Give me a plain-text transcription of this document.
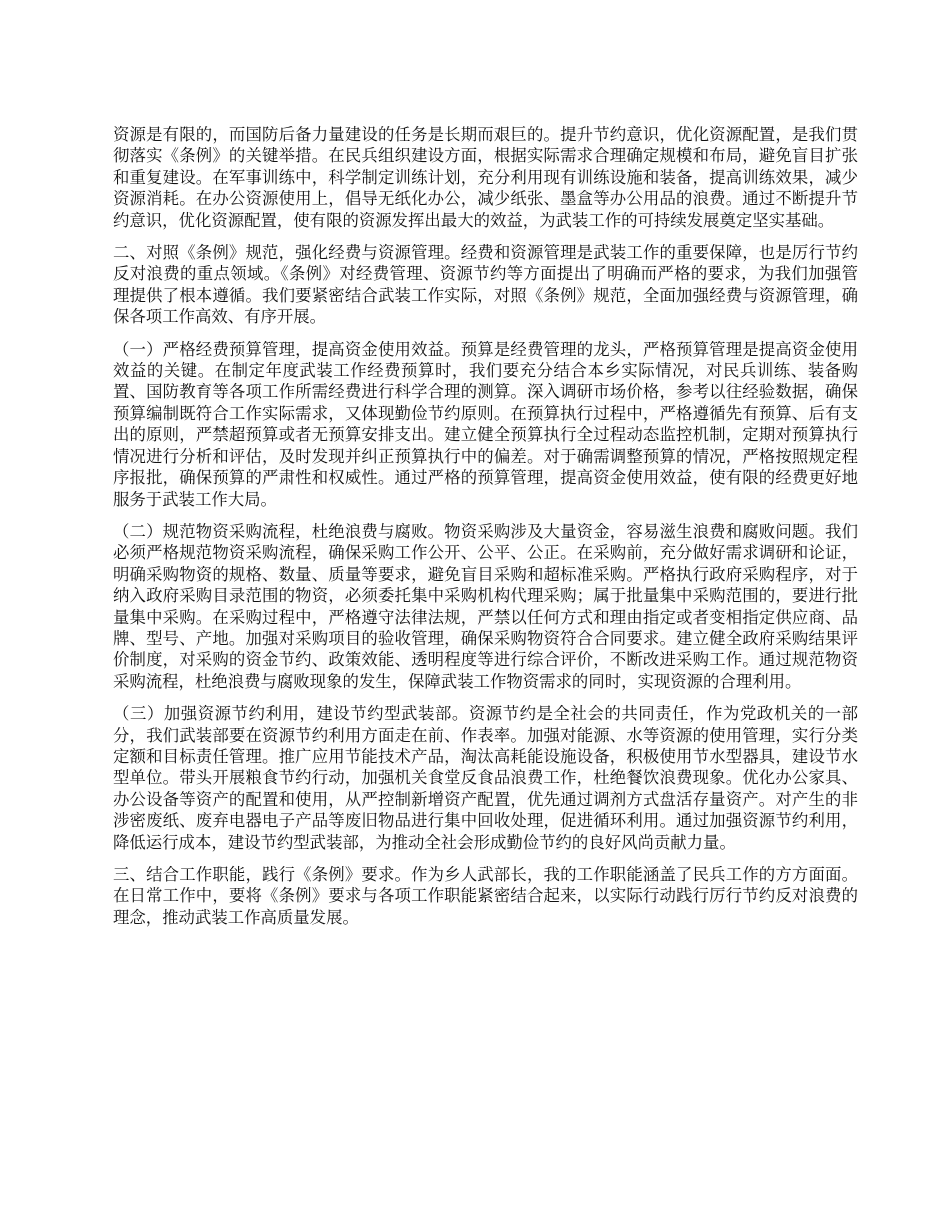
资源是有限的，而国防后备力量建设的任务是长期而艰巨的。提升节约意识，优化资源配置，是我们贯彻落实《条例》的关键举措。在民兵组织建设方面，根据实际需求合理确定规模和布局，避免盲目扩张和重复建设。在军事训练中，科学制定训练计划，充分利用现有训练设施和装备，提高训练效果，减少资源消耗。在办公资源使用上，倡导无纸化办公，减少纸张、墨盒等办公用品的浪费。通过不断提升节约意识，优化资源配置，使有限的资源发挥出最大的效益，为武装工作的可持续发展奠定坚实基础。

二、对照《条例》规范，强化经费与资源管理。经费和资源管理是武装工作的重要保障，也是厉行节约反对浪费的重点领域。《条例》对经费管理、资源节约等方面提出了明确而严格的要求，为我们加强管理提供了根本遵循。我们要紧密结合武装工作实际，对照《条例》规范，全面加强经费与资源管理，确保各项工作高效、有序开展。

（一）严格经费预算管理，提高资金使用效益。预算是经费管理的龙头，严格预算管理是提高资金使用效益的关键。在制定年度武装工作经费预算时，我们要充分结合本乡实际情况，对民兵训练、装备购置、国防教育等各项工作所需经费进行科学合理的测算。深入调研市场价格，参考以往经验数据，确保预算编制既符合工作实际需求，又体现勤俭节约原则。在预算执行过程中，严格遵循先有预算、后有支出的原则，严禁超预算或者无预算安排支出。建立健全预算执行全过程动态监控机制，定期对预算执行情况进行分析和评估，及时发现并纠正预算执行中的偏差。对于确需调整预算的情况，严格按照规定程序报批，确保预算的严肃性和权威性。通过严格的预算管理，提高资金使用效益，使有限的经费更好地服务于武装工作大局。

（二）规范物资采购流程，杜绝浪费与腐败。物资采购涉及大量资金，容易滋生浪费和腐败问题。我们必须严格规范物资采购流程，确保采购工作公开、公平、公正。在采购前，充分做好需求调研和论证，明确采购物资的规格、数量、质量等要求，避免盲目采购和超标准采购。严格执行政府采购程序，对于纳入政府采购目录范围的物资，必须委托集中采购机构代理采购；属于批量集中采购范围的，要进行批量集中采购。在采购过程中，严格遵守法律法规，严禁以任何方式和理由指定或者变相指定供应商、品牌、型号、产地。加强对采购项目的验收管理，确保采购物资符合合同要求。建立健全政府采购结果评价制度，对采购的资金节约、政策效能、透明程度等进行综合评价，不断改进采购工作。通过规范物资采购流程，杜绝浪费与腐败现象的发生，保障武装工作物资需求的同时，实现资源的合理利用。

（三）加强资源节约利用，建设节约型武装部。资源节约是全社会的共同责任，作为党政机关的一部分，我们武装部要在资源节约利用方面走在前、作表率。加强对能源、水等资源的使用管理，实行分类定额和目标责任管理。推广应用节能技术产品，淘汰高耗能设施设备，积极使用节水型器具，建设节水型单位。带头开展粮食节约行动，加强机关食堂反食品浪费工作，杜绝餐饮浪费现象。优化办公家具、办公设备等资产的配置和使用，从严控制新增资产配置，优先通过调剂方式盘活存量资产。对产生的非涉密废纸、废弃电器电子产品等废旧物品进行集中回收处理，促进循环利用。通过加强资源节约利用，降低运行成本，建设节约型武装部，为推动全社会形成勤俭节约的良好风尚贡献力量。

三、结合工作职能，践行《条例》要求。作为乡人武部长，我的工作职能涵盖了民兵工作的方方面面。在日常工作中，要将《条例》要求与各项工作职能紧密结合起来，以实际行动践行厉行节约反对浪费的理念，推动武装工作高质量发展。
